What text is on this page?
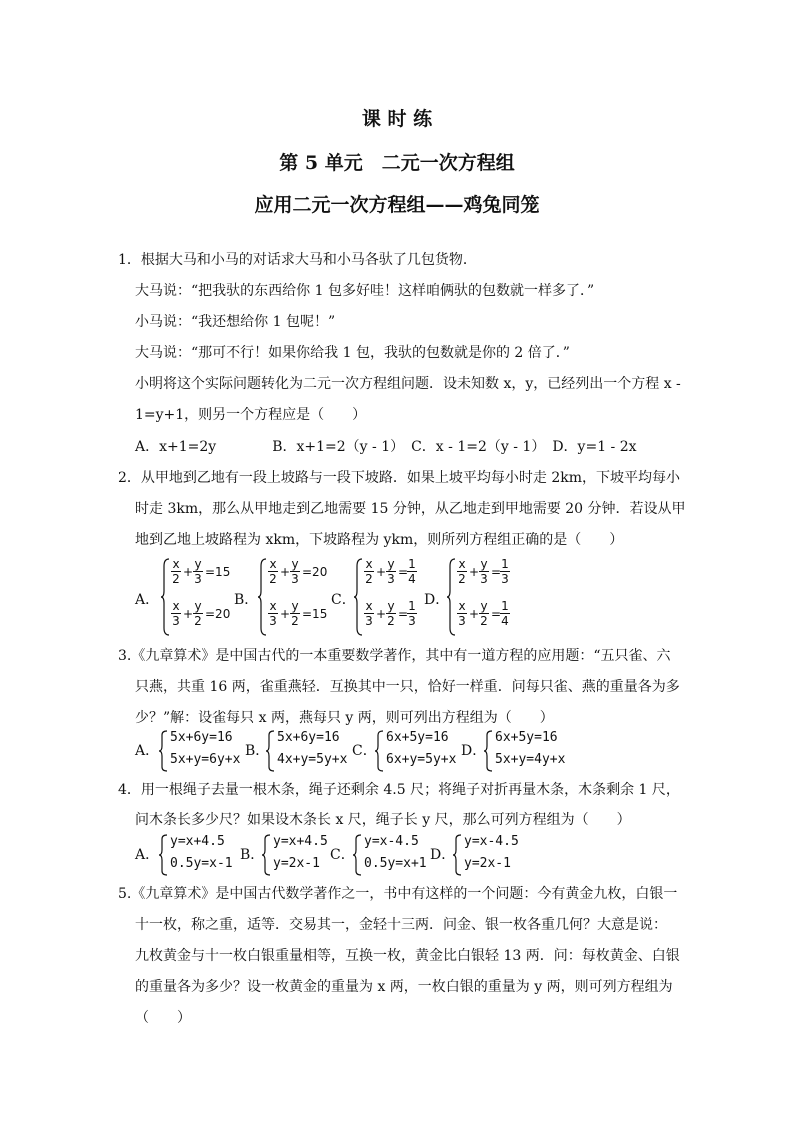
课 时 练
第 5 单元　二元一次方程组
应用二元一次方程组——鸡兔同笼
1．根据大马和小马的对话求大马和小马各驮了几包货物．
大马说：“把我驮的东西给你 1 包多好哇！这样咱俩驮的包数就一样多了．”
小马说：“我还想给你 1 包呢！”
大马说：“那可不行！如果你给我 1 包，我驮的包数就是你的 2 倍了．”
小明将这个实际问题转化为二元一次方程组问题．设未知数 x，y，已经列出一个方程 x -
1=y+1，则另一个方程应是（　　）
A．x+1=2y　　　　B．x+1=2（y - 1）　C．x - 1=2（y - 1）　D．y=1 - 2x
2．从甲地到乙地有一段上坡路与一段下坡路．如果上坡平均每小时走 2km，下坡平均每小
时走 3km，那么从甲地走到乙地需要 15 分钟，从乙地走到甲地需要 20 分钟．若设从甲
地到乙地上坡路程为 xkm，下坡路程为 ykm，则所列方程组正确的是（　　）
A．
x
2 +
y
3 =15
x
3 +
y
2 =20
B．
x
2 +
y
3 =20
x
3 +
y
2 =15
C．
x
2 +
y
3 =
1
4
x
3 +
y
2 =
1
3
D．
x
2 +
y
3 =
1
3
x
3 +
y
2 =
1
4
3.《九章算术》是中国古代的一本重要数学著作，其中有一道方程的应用题：“五只雀、六
只燕，共重 16 两，雀重燕轻．互换其中一只，恰好一样重．问每只雀、燕的重量各为多
少？”解：设雀每只 x 两，燕每只 y 两，则可列出方程组为（　　）
A．
5x+6y=16
5x+y=6y+x
B．
5x+6y=16
4x+y=5y+x
C．
6x+5y=16
6x+y=5y+x
D．
6x+5y=16
5x+y=4y+x
4．用一根绳子去量一根木条，绳子还剩余 4.5 尺；将绳子对折再量木条，木条剩余 1 尺，
问木条长多少尺？如果设木条长 x 尺，绳子长 y 尺，那么可列方程组为（　　）
A．
y=x+4.5
0.5y=x-1
B．
y=x+4.5
y=2x-1
C．
y=x-4.5
0.5y=x+1
D．
y=x-4.5
y=2x-1
5.《九章算术》是中国古代数学著作之一，书中有这样的一个问题：今有黄金九枚，白银一
十一枚，称之重，适等．交易其一，金轻十三两．问金、银一枚各重几何？大意是说：
九枚黄金与十一枚白银重量相等，互换一枚，黄金比白银轻 13 两．问：每枚黄金、白银
的重量各为多少？设一枚黄金的重量为 x 两，一枚白银的重量为 y 两，则可列方程组为
（　　）
